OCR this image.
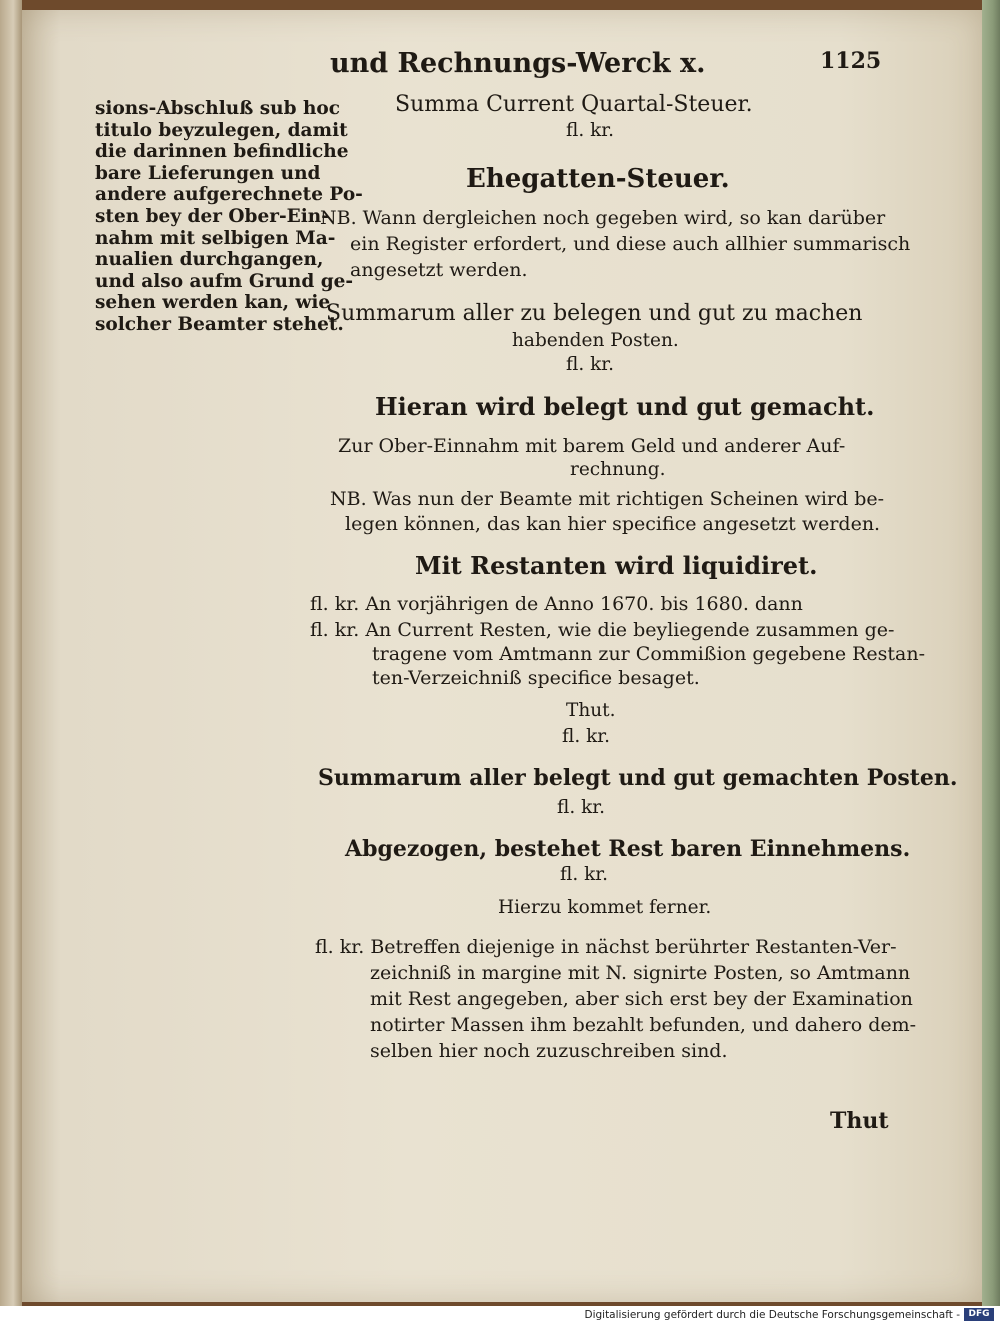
und Rechnungs-Werck x.	1125
sions-Abschluß sub hoc
titulo beyzulegen, damit
die darinnen befindliche
bare Lieferungen und
andere aufgerechnete Po-
sten bey der Ober-Ein-
nahm mit selbigen Ma-
nualien durchgangen,
und also aufm Grund ge-
sehen werden kan, wie
solcher Beamter stehet.
Summa Current Quartal-Steuer.
fl. kr.
Ehegatten-Steuer.
NB. Wann dergleichen noch gegeben wird, so kan darüber
ein Register erfordert, und diese auch allhier summarisch
angesetzt werden.
Summarum aller zu belegen und gut zu machen
habenden Posten.
fl. kr.
Hieran wird belegt und gut gemacht.
Zur Ober-Einnahm mit barem Geld und anderer Auf-
rechnung.
NB. Was nun der Beamte mit richtigen Scheinen wird be-
legen können, das kan hier specifice angesetzt werden.
Mit Restanten wird liquidiret.
fl. kr. An vorjährigen de Anno 1670. bis 1680. dann
fl. kr. An Current Resten, wie die beyliegende zusammen ge-
tragene vom Amtmann zur Commißion gegebene Restan-
ten-Verzeichniß specifice besaget.
Thut.
fl. kr.
Summarum aller belegt und gut gemachten Posten.
fl. kr.
Abgezogen, bestehet Rest baren Einnehmens.
fl. kr.
Hierzu kommet ferner.
fl. kr. Betreffen diejenige in nächst berührter Restanten-Ver-
zeichniß in margine mit N. signirte Posten, so Amtmann
mit Rest angegeben, aber sich erst bey der Examination
notirter Massen ihm bezahlt befunden, und dahero dem-
selben hier noch zuzuschreiben sind.
Thut
Digitalisierung gefördert durch die Deutsche Forschungsgemeinschaft - DFG
